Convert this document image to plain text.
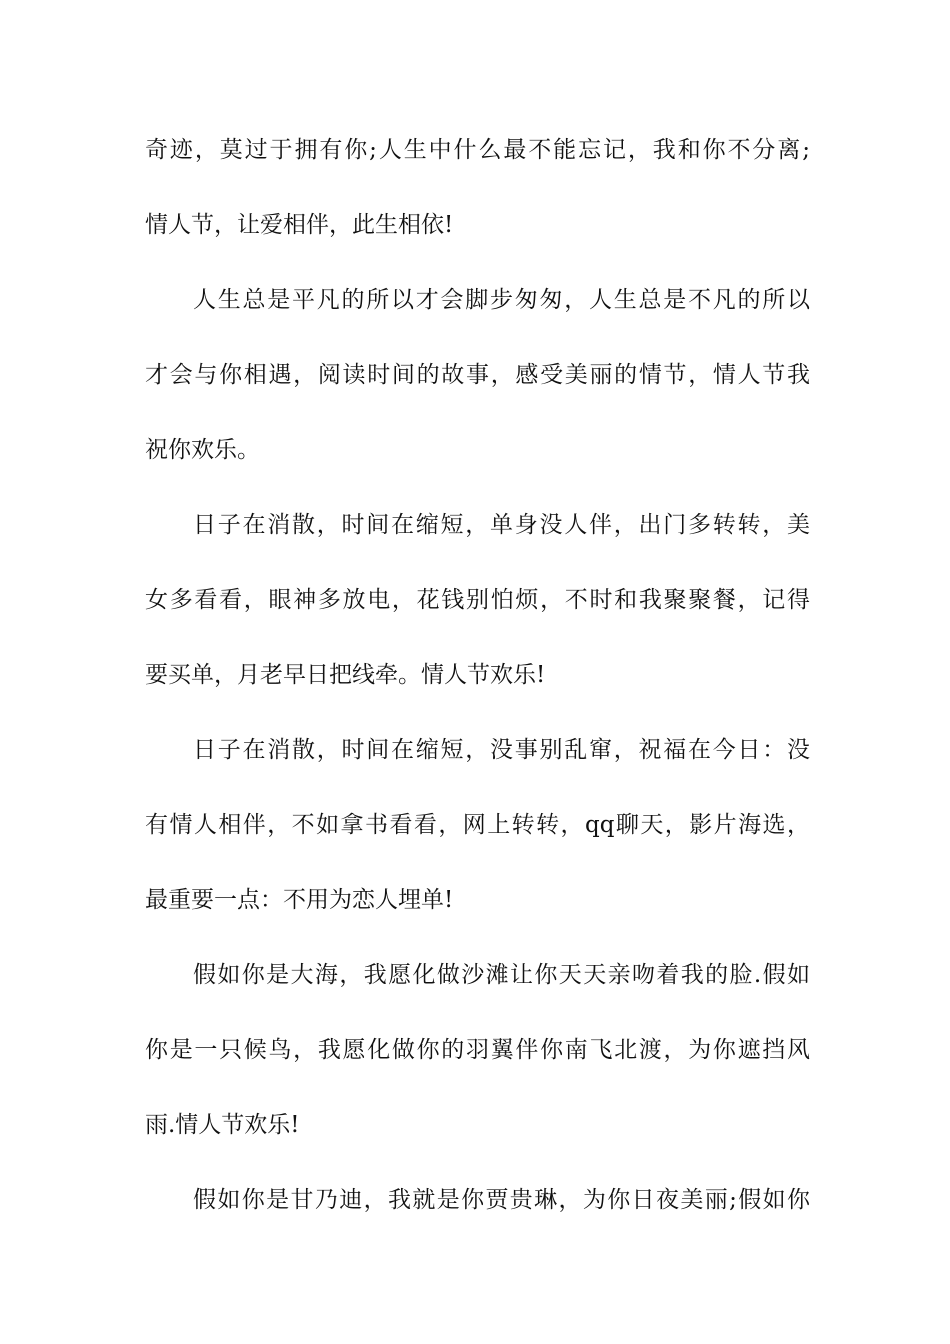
奇迹，莫过于拥有你;人生中什么最不能忘记，我和你不分离;
情人节，让爱相伴，此生相依!
人生总是平凡的所以才会脚步匆匆，人生总是不凡的所以
才会与你相遇，阅读时间的故事，感受美丽的情节，情人节我
祝你欢乐。
日子在消散，时间在缩短，单身没人伴，出门多转转，美
女多看看，眼神多放电，花钱别怕烦，不时和我聚聚餐，记得
要买单，月老早日把线牵。情人节欢乐!
日子在消散，时间在缩短，没事别乱窜，祝福在今日：没
有情人相伴，不如拿书看看，网上转转，qq聊天，影片海选，
最重要一点：不用为恋人埋单!
假如你是大海，我愿化做沙滩让你天天亲吻着我的脸.假如
你是一只候鸟，我愿化做你的羽翼伴你南飞北渡，为你遮挡风
雨.情人节欢乐!
假如你是甘乃迪，我就是你贾贵琳，为你日夜美丽;假如你
